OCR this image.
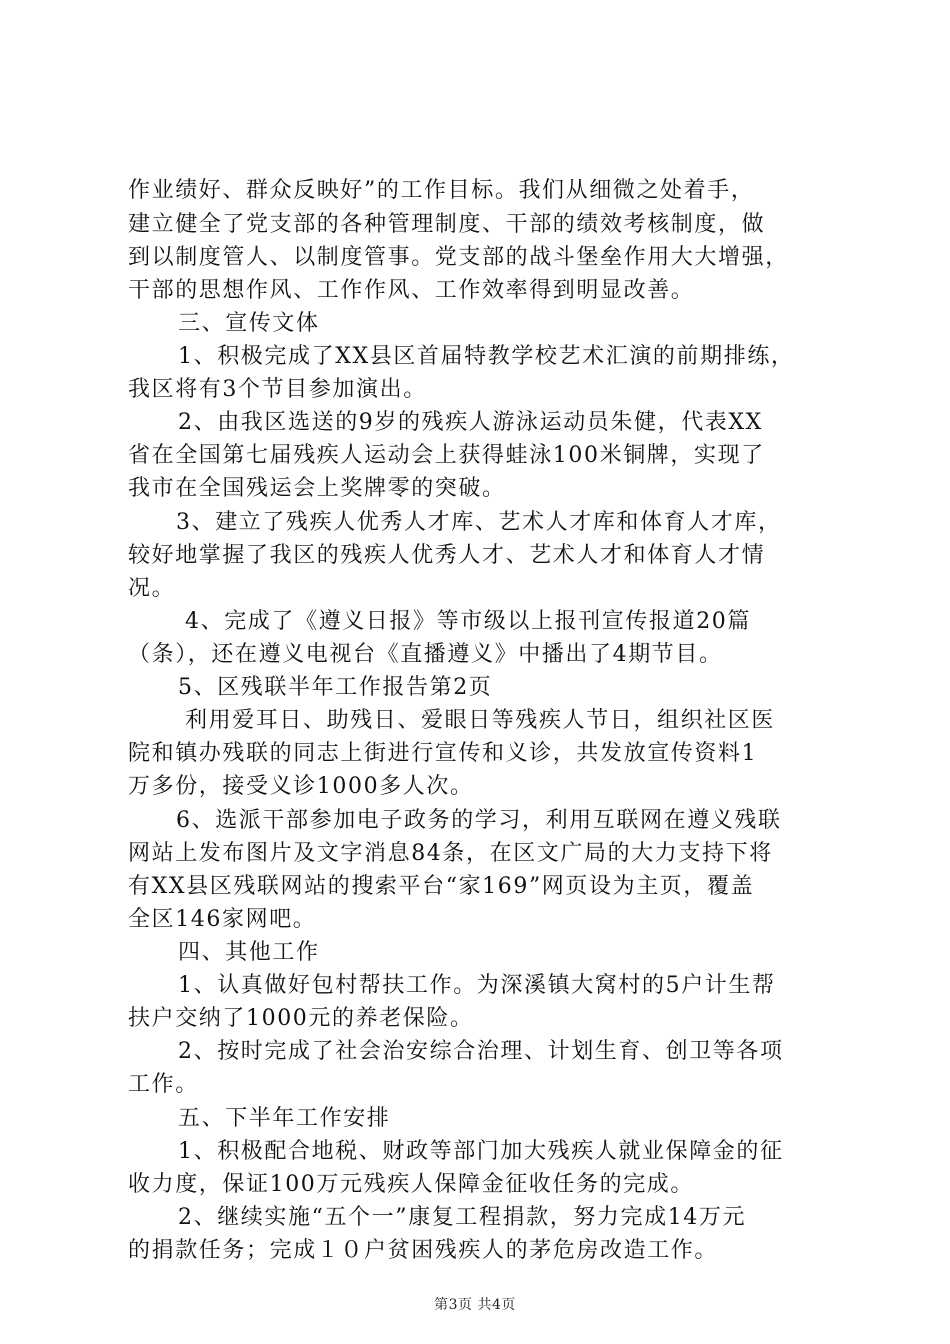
作业绩好、群众反映好”的工作目标。我们从细微之处着手，
建立健全了党支部的各种管理制度、干部的绩效考核制度，做
到以制度管人、以制度管事。党支部的战斗堡垒作用大大增强，
干部的思想作风、工作作风、工作效率得到明显改善。
三、宣传文体
1、积极完成了XX县区首届特教学校艺术汇演的前期排练，
我区将有3个节目参加演出。
2、由我区选送的9岁的残疾人游泳运动员朱健，代表XX
省在全国第七届残疾人运动会上获得蛙泳100米铜牌，实现了
我市在全国残运会上奖牌零的突破。
3、建立了残疾人优秀人才库、艺术人才库和体育人才库，
较好地掌握了我区的残疾人优秀人才、艺术人才和体育人才情
况。
4、完成了《遵义日报》等市级以上报刊宣传报道20篇
（条），还在遵义电视台《直播遵义》中播出了4期节目。
5、区残联半年工作报告第2页
利用爱耳日、助残日、爱眼日等残疾人节日，组织社区医
院和镇办残联的同志上街进行宣传和义诊，共发放宣传资料1
万多份，接受义诊1000多人次。
6、选派干部参加电子政务的学习，利用互联网在遵义残联
网站上发布图片及文字消息84条，在区文广局的大力支持下将
有XX县区残联网站的搜索平台“家169”网页设为主页，覆盖
全区146家网吧。
四、其他工作
1、认真做好包村帮扶工作。为深溪镇大窝村的5户计生帮
扶户交纳了1000元的养老保险。
2、按时完成了社会治安综合治理、计划生育、创卫等各项
工作。
五、下半年工作安排
1、积极配合地税、财政等部门加大残疾人就业保障金的征
收力度，保证100万元残疾人保障金征收任务的完成。
2、继续实施“五个一”康复工程捐款，努力完成14万元
的捐款任务；完成１０户贫困残疾人的茅危房改造工作。
第3页 共4页
